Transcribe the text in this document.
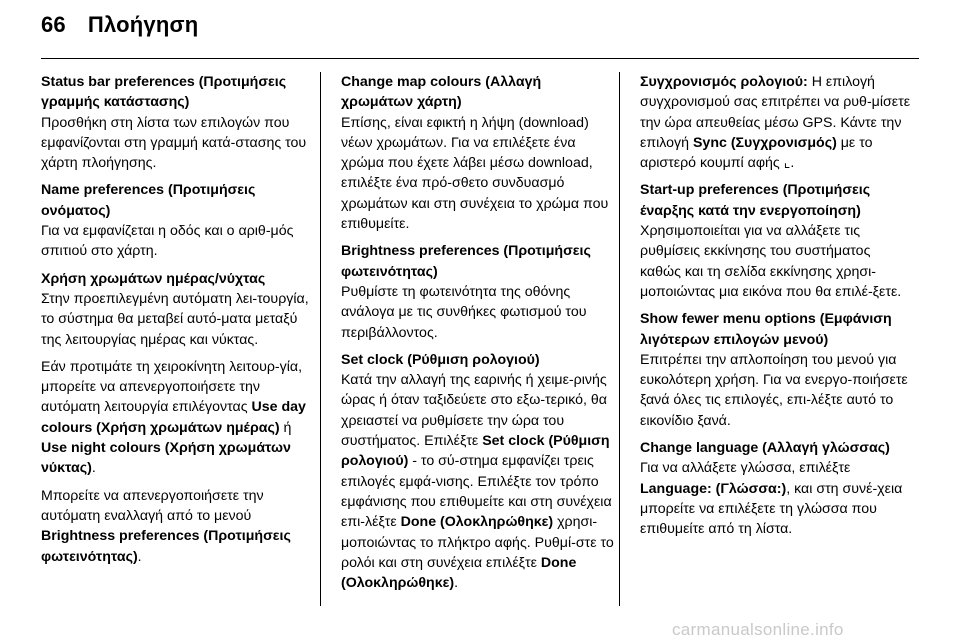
66 Πλοήγηση
Status bar preferences (Προτιμήσεις γραμμής κατάστασης)
Προσθήκη στη λίστα των επιλογών που εμφανίζονται στη γραμμή κατά-στασης του χάρτη πλοήγησης.
Name preferences (Προτιμήσεις ονόματος)
Για να εμφανίζεται η οδός και ο αριθ-μός σπιτιού στο χάρτη.
Χρήση χρωμάτων ημέρας/νύχτας
Στην προεπιλεγμένη αυτόματη λει-τουργία, το σύστημα θα μεταβεί αυτό-ματα μεταξύ της λειτουργίας ημέρας και νύκτας.

Εάν προτιμάτε τη χειροκίνητη λειτουρ-γία, μπορείτε να απενεργοποιήσετε την αυτόματη λειτουργία επιλέγοντας Use day colours (Χρήση χρωμάτων ημέρας) ή Use night colours (Χρήση χρωμάτων νύκτας).

Μπορείτε να απενεργοποιήσετε την αυτόματη εναλλαγή από το μενού Brightness preferences (Προτιμήσεις φωτεινότητας).

Change map colours (Αλλαγή χρωμάτων χάρτη)
Επίσης, είναι εφικτή η λήψη (download) νέων χρωμάτων. Για να επιλέξετε ένα χρώμα που έχετε λάβει μέσω download, επιλέξτε ένα πρό-σθετο συνδυασμό χρωμάτων και στη συνέχεια το χρώμα που επιθυμείτε.
Brightness preferences (Προτιμήσεις φωτεινότητας)
Ρυθμίστε τη φωτεινότητα της οθόνης ανάλογα με τις συνθήκες φωτισμού του περιβάλλοντος.
Set clock (Ρύθμιση ρολογιού)
Κατά την αλλαγή της εαρινής ή χειμε-ρινής ώρας ή όταν ταξιδεύετε στο εξω-τερικό, θα χρειαστεί να ρυθμίσετε την ώρα του συστήματος. Επιλέξτε Set clock (Ρύθμιση ρολογιού) - το σύ-στημα εμφανίζει τρεις επιλογές εμφά-νισης. Επιλέξτε τον τρόπο εμφάνισης που επιθυμείτε και στη συνέχεια επι-λέξτε Done (Ολοκληρώθηκε) χρησι-μοποιώντας το πλήκτρο αφής. Ρυθμί-στε το ρολόι και στη συνέχεια επιλέξτε Done (Ολοκληρώθηκε).

Συγχρονισμός ρολογιού: Η επιλογή συγχρονισμού σας επιτρέπει να ρυθ-μίσετε την ώρα απευθείας μέσω GPS. Κάντε την επιλογή Sync (Συγχρονισμός) με το αριστερό κουμπί αφής ⌞.

Start-up preferences (Προτιμήσεις έναρξης κατά την ενεργοποίηση)
Χρησιμοποιείται για να αλλάξετε τις ρυθμίσεις εκκίνησης του συστήματος καθώς και τη σελίδα εκκίνησης χρησι-μοποιώντας μια εικόνα που θα επιλέ-ξετε.
Show fewer menu options (Εμφάνιση λιγότερων επιλογών μενού)
Επιτρέπει την απλοποίηση του μενού για ευκολότερη χρήση. Για να ενεργο-ποιήσετε ξανά όλες τις επιλογές, επι-λέξτε αυτό το εικονίδιο ξανά.
Change language (Αλλαγή γλώσσας)
Για να αλλάξετε γλώσσα, επιλέξτε Language: (Γλώσσα:), και στη συνέ-χεια μπορείτε να επιλέξετε τη γλώσσα που επιθυμείτε από τη λίστα.
carmanualsonline.info
